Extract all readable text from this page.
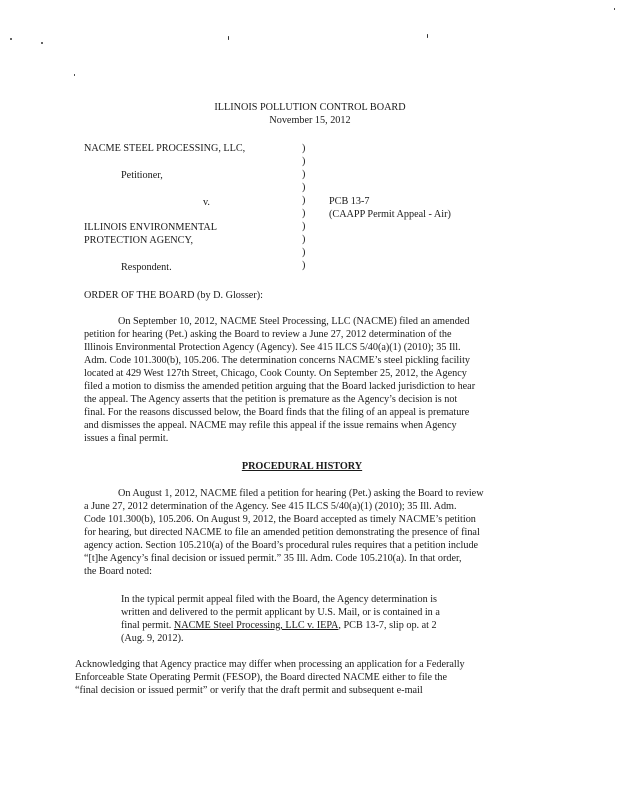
ILLINOIS POLLUTION CONTROL BOARD
November 15, 2012
NACME STEEL PROCESSING, LLC,
Petitioner,
v.
ILLINOIS ENVIRONMENTAL
PROTECTION AGENCY,
Respondent.
)
)
)
)
)
)
)
)
)
)
PCB 13-7
(CAAPP Permit Appeal - Air)
ORDER OF THE BOARD (by D. Glosser):
On September 10, 2012, NACME Steel Processing, LLC (NACME) filed an amended
petition for hearing (Pet.) asking the Board to review a June 27, 2012 determination of the
Illinois Environmental Protection Agency (Agency). See 415 ILCS 5/40(a)(1) (2010); 35 Ill.
Adm. Code 101.300(b), 105.206. The determination concerns NACME’s steel pickling facility
located at 429 West 127th Street, Chicago, Cook County. On September 25, 2012, the Agency
filed a motion to dismiss the amended petition arguing that the Board lacked jurisdiction to hear
the appeal. The Agency asserts that the petition is premature as the Agency’s decision is not
final. For the reasons discussed below, the Board finds that the filing of an appeal is premature
and dismisses the appeal. NACME may refile this appeal if the issue remains when Agency
issues a final permit.
PROCEDURAL HISTORY
On August 1, 2012, NACME filed a petition for hearing (Pet.) asking the Board to review
a June 27, 2012 determination of the Agency. See 415 ILCS 5/40(a)(1) (2010); 35 Ill. Adm.
Code 101.300(b), 105.206. On August 9, 2012, the Board accepted as timely NACME’s petition
for hearing, but directed NACME to file an amended petition demonstrating the presence of final
agency action. Section 105.210(a) of the Board’s procedural rules requires that a petition include
“[t]he Agency’s final decision or issued permit.” 35 Ill. Adm. Code 105.210(a). In that order,
the Board noted:
In the typical permit appeal filed with the Board, the Agency determination is
written and delivered to the permit applicant by U.S. Mail, or is contained in a
final permit. NACME Steel Processing, LLC v. IEPA, PCB 13-7, slip op. at 2
(Aug. 9, 2012).
Acknowledging that Agency practice may differ when processing an application for a Federally
Enforceable State Operating Permit (FESOP), the Board directed NACME either to file the
“final decision or issued permit” or verify that the draft permit and subsequent e-mail
